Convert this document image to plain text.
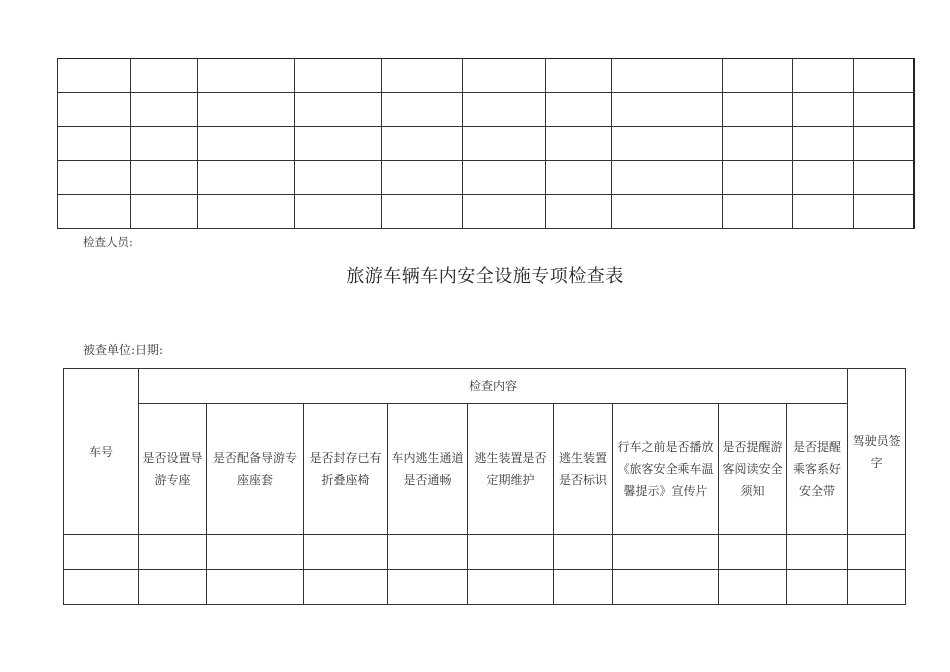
检查人员:
旅游车辆车内安全设施专项检查表
被查单位:日期:
车号	检查内容									驾驶员签字
	是否设置导游专座	是否配备导游专座座套	是否封存已有折叠座椅	车内逃生通道是否通畅	逃生装置是否定期维护	逃生装置是否标识	行车之前是否播放《旅客安全乘车温馨提示》宣传片	是否提醒游客阅读安全须知	是否提醒乘客系好安全带	
